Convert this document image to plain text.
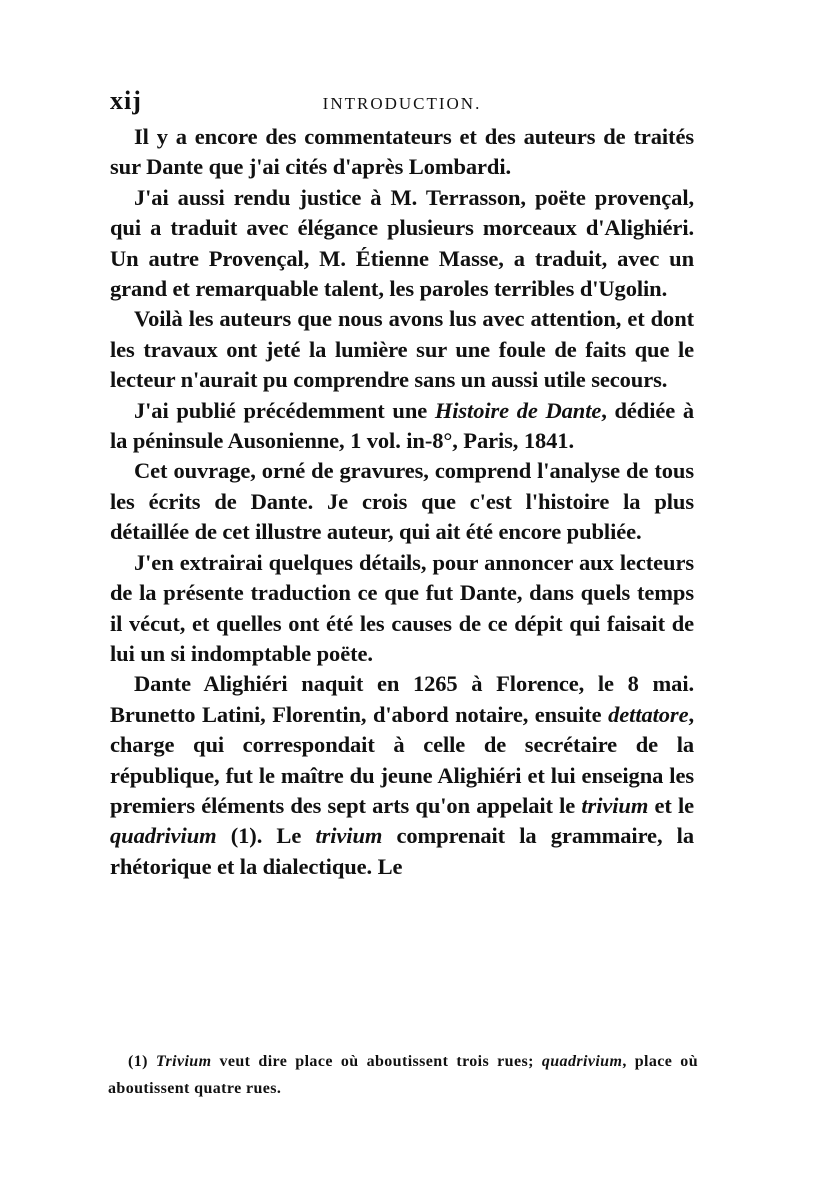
xij	INTRODUCTION.

Il y a encore des commentateurs et des auteurs de traités sur Dante que j'ai cités d'après Lombardi.

J'ai aussi rendu justice à M. Terrasson, poëte provençal, qui a traduit avec élégance plusieurs morceaux d'Alighiéri. Un autre Provençal, M. Étienne Masse, a traduit, avec un grand et remarquable talent, les paroles terribles d'Ugolin.

Voilà les auteurs que nous avons lus avec attention, et dont les travaux ont jeté la lumière sur une foule de faits que le lecteur n'aurait pu comprendre sans un aussi utile secours.

J'ai publié précédemment une Histoire de Dante, dédiée à la péninsule Ausonienne, 1 vol. in-8°, Paris, 1841.

Cet ouvrage, orné de gravures, comprend l'analyse de tous les écrits de Dante. Je crois que c'est l'histoire la plus détaillée de cet illustre auteur, qui ait été encore publiée.

J'en extrairai quelques détails, pour annoncer aux lecteurs de la présente traduction ce que fut Dante, dans quels temps il vécut, et quelles ont été les causes de ce dépit qui faisait de lui un si indomptable poëte.

Dante Alighiéri naquit en 1265 à Florence, le 8 mai. Brunetto Latini, Florentin, d'abord notaire, ensuite dettatore, charge qui correspondait à celle de secrétaire de la république, fut le maître du jeune Alighiéri et lui enseigna les premiers éléments des sept arts qu'on appelait le trivium et le quadrivium (1). Le trivium comprenait la grammaire, la rhétorique et la dialectique. Le

(1) Trivium veut dire place où aboutissent trois rues; quadrivium, place où aboutissent quatre rues.
